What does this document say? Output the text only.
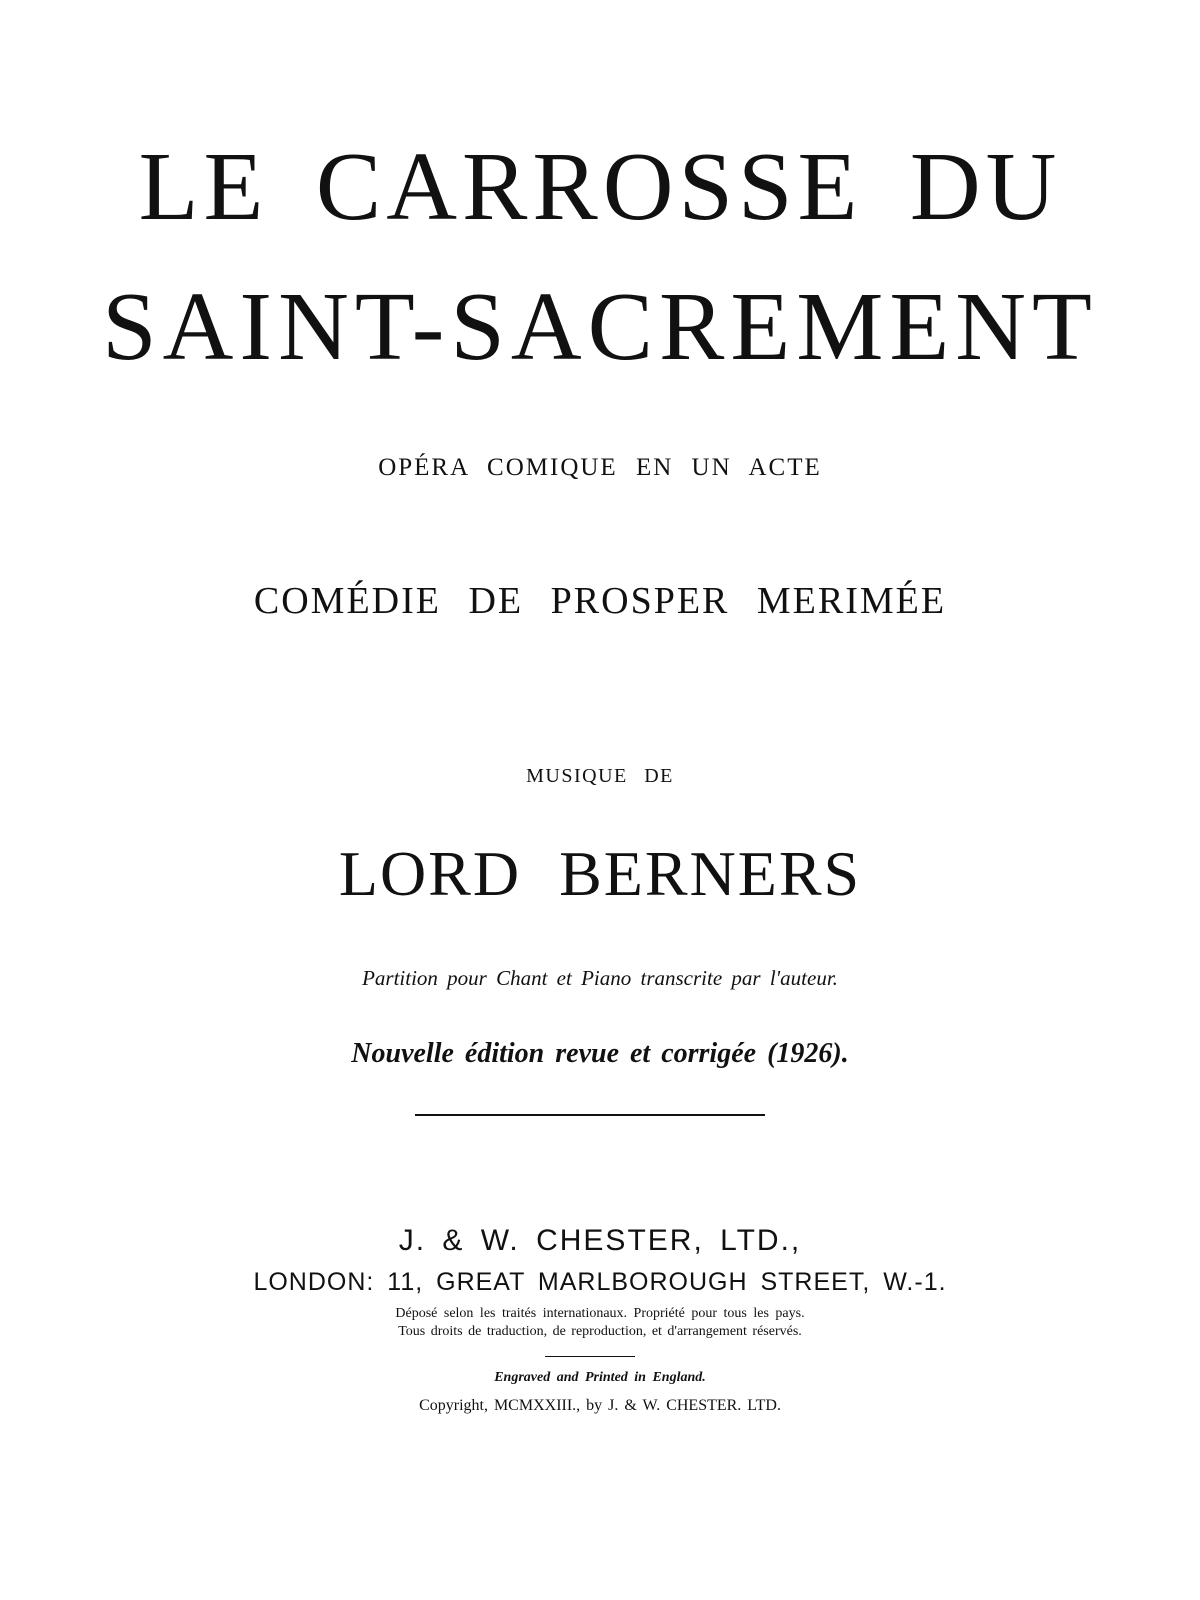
LE CARROSSE DU
SAINT-SACREMENT
OPÉRA COMIQUE EN UN ACTE
COMÉDIE DE PROSPER MERIMÉE
MUSIQUE DE
LORD BERNERS
Partition pour Chant et Piano transcrite par l'auteur.
Nouvelle édition revue et corrigée (1926).
J. & W. CHESTER, LTD.,
LONDON: 11, GREAT MARLBOROUGH STREET, W.-1.
Déposé selon les traités internationaux. Propriété pour tous les pays.
Tous droits de traduction, de reproduction, et d'arrangement réservés.
Engraved and Printed in England.
Copyright, MCMXXIII., by J. & W. CHESTER. LTD.
